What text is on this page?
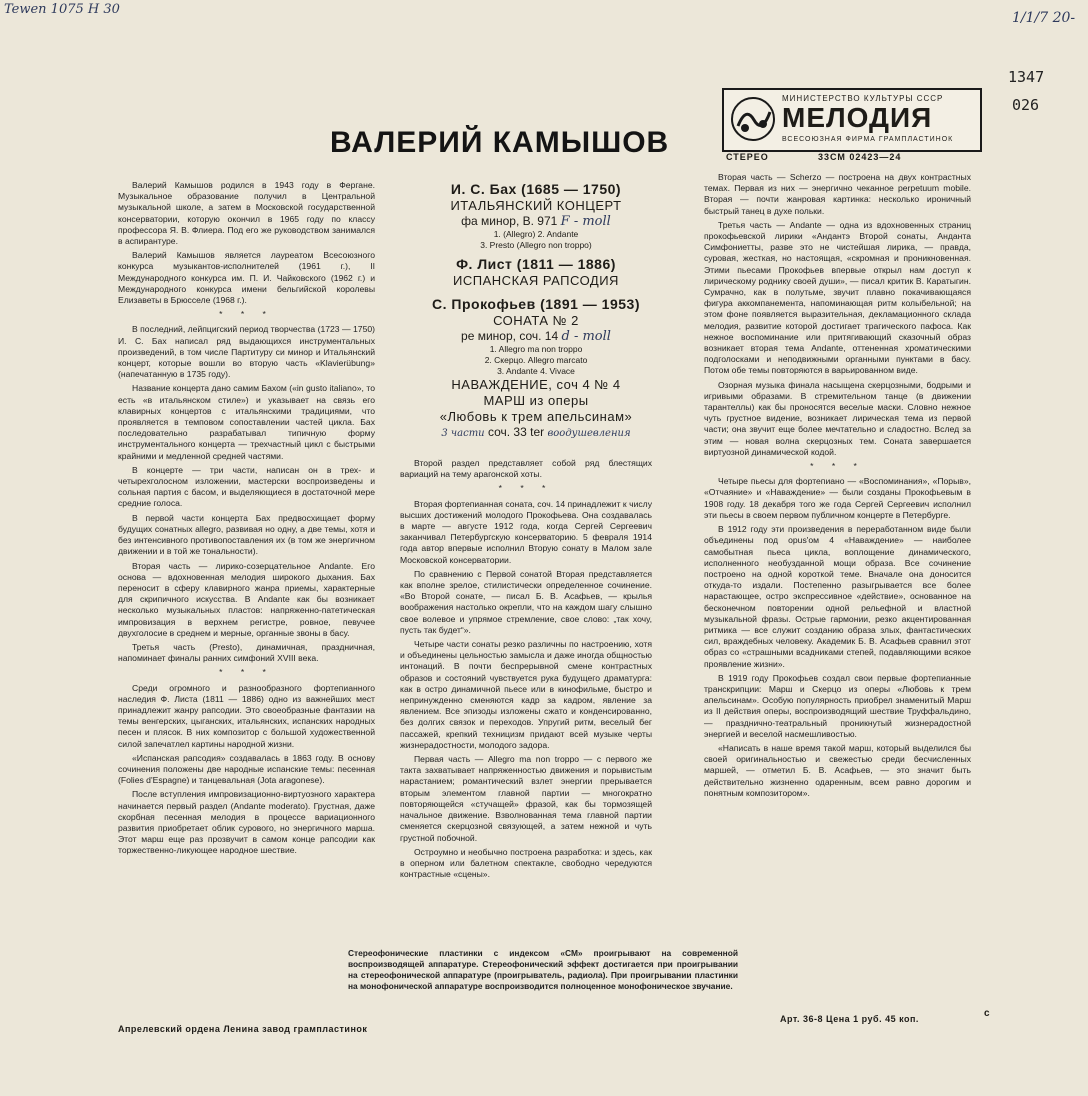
Tewen 1075 Н 30
1/1/7 20-
1347
026
ВАЛЕРИЙ КАМЫШОВ
МИНИСТЕРСТВО КУЛЬТУРЫ СССР
МЕЛОДИЯ
ВСЕСОЮЗНАЯ ФИРМА ГРАМПЛАСТИНОК
СТЕРЕО	33СМ 02423—24
И. С. Бах (1685 — 1750)
ИТАЛЬЯНСКИЙ КОНЦЕРТ
фа минор, B. 971 F - moll
1. (Allegro) 2. Andante
3. Presto (Allegro non troppo)
Ф. Лист (1811 — 1886)
ИСПАНСКАЯ РАПСОДИЯ
С. Прокофьев (1891 — 1953)
СОНАТА № 2
ре минор, соч. 14 d - moll
1. Allegro ma non troppo
2. Скерцо. Allegro marcato
3. Andante 4. Vivace
НАВАЖДЕНИЕ, соч 4 № 4
МАРШ из оперы
«Любовь к трем апельсинам»
3 части соч. 33 ter воодушевления

Валерий Камышов родился в 1943 году в Фергане. Музыкальное образование получил в Центральной музыкальной школе, а затем в Московской государственной консерватории, которую окончил в 1965 году по классу профессора Я. В. Флиера. Под его же руководством занимался в аспирантуре.

Валерий Камышов является лауреатом Всесоюзного конкурса музыкантов-исполнителей (1961 г.), II Международного конкурса им. П. И. Чайковского (1962 г.) и Международного конкурса имени бельгийской королевы Елизаветы в Брюсселе (1968 г.).

* * *

В последний, лейпцигский период творчества (1723 — 1750) И. С. Бах написал ряд выдающихся инструментальных произведений, в том числе Партитуру си минор и Итальянский концерт, которые вошли во вторую часть «Klavierübung» (напечатанную в 1735 году).

Название концерта дано самим Бахом («in gusto italiano», то есть «в итальянском стиле») и указывает на связь его клавирных концертов с итальянскими традициями, что проявляется в темповом сопоставлении частей цикла. Бах последовательно разрабатывал типичную форму инструментального концерта — трехчастный цикл с быстрыми крайними и медленной средней частями.

В концерте — три части, написан он в трех- и четырехголосном изложении, мастерски воспроизведены и сольная партия с басом, и выделяющиеся в достаточной мере средние голоса.

В первой части концерта Бах предвосхищает форму будущих сонатных allegro, развивая но одну, а две темы, хотя и без интенсивного противопоставления их (в том же энергичном движении и в той же тональности).

Вторая часть — лирико-созерцательное Andante. Его основа — вдохновенная мелодия широкого дыхания. Бах переносит в сферу клавирного жанра приемы, характерные для скрипичного искусства. В Andante как бы возникает несколько музыкальных пластов: напряженно-патетическая импровизация в верхнем регистре, ровное, певучее двухголосие в среднем и мерные, органные звоны в басу.

Третья часть (Presto), динамичная, праздничная, напоминает финалы ранних симфоний XVIII века.

* * *

Среди огромного и разнообразного фортепианного наследия Ф. Листа (1811 — 1886) одно из важнейших мест принадлежит жанру рапсодии. Это своеобразные фантазии на темы венгерских, цыганских, итальянских, испанских народных песен и плясок. В них композитор с большой художественной силой запечатлел картины народной жизни.

«Испанская рапсодия» создавалась в 1863 году. В основу сочинения положены две народные испанские темы: песенная (Folies d'Espagne) и танцевальная (Jota aragonese).

После вступления импровизационно-виртуозного характера начинается первый раздел (Andante moderato). Грустная, даже скорбная песенная мелодия в процессе вариационного развития приобретает облик сурового, но энергичного марша. Этот марш еще раз прозвучит в самом конце рапсодии как торжественно-ликующее народное шествие.

Второй раздел представляет собой ряд блестящих вариаций на тему арагонской хоты.

* * *

Вторая фортепианная соната, соч. 14 принадлежит к числу высших достижений молодого Прокофьева. Она создавалась в марте — августе 1912 года, когда Сергей Сергеевич заканчивал Петербургскую консерваторию. 5 февраля 1914 года автор впервые исполнил Вторую сонату в Малом зале Московской консерватории.

По сравнению с Первой сонатой Вторая представляется как вполне зрелое, стилистически определенное сочинение. «Во Второй сонате, — писал Б. В. Асафьев, — крылья воображения настолько окрепли, что на каждом шагу слышно свое волевое и упрямое стремление, свое слово: „так хочу, пусть так будет“».

Четыре части сонаты резко различны по настроению, хотя и объединены цельностью замысла и даже иногда общностью интонаций. В почти беспрерывной смене контрастных образов и состояний чувствуется рука будущего драматурга: как в остро динамичной пьесе или в кинофильме, быстро и непринужденно сменяются кадр за кадром, явление за явлением. Все эпизоды изложены сжато и конденсированно, без долгих связок и переходов. Упругий ритм, веселый бег пассажей, крепкий техницизм придают всей музыке черты жизнерадостности, молодого задора.

Первая часть — Allegro ma non troppo — с первого же такта захватывает напряженностью движения и порывистым нарастанием; романтический взлет энергии прерывается вторым элементом главной партии — многократно повторяющейся «стучащей» фразой, как бы тормозящей начальное движение. Взволнованная тема главной партии сменяется скерцозной связующей, а затем нежной и чуть грустной побочной.

Остроумно и необычно построена разработка: и здесь, как в оперном или балетном спектакле, свободно чередуются контрастные «сцены».

Вторая часть — Scherzo — построена на двух контрастных темах. Первая из них — энергично чеканное perpetuum mobile. Вторая — почти жанровая картинка: несколько ироничный быстрый танец в духе польки.

Третья часть — Andante — одна из вдохновенных страниц прокофьевской лирики «Андантэ Второй сонаты, Анданта Симфониетты, разве это не чистейшая лирика, — правда, суровая, жесткая, но настоящая, «скромная и проникновенная. Этими пьесами Прокофьев впервые открыл нам доступ к лирическому роднику своей души», — писал критик В. Каратыгин. Сумрачно, как в полутьме, звучит плавно покачивающаяся фигура аккомпанемента, напоминающая ритм колыбельной; на этом фоне появляется выразительная, декламационного склада мелодия, развитие которой достигает трагического пафоса. Как нежное воспоминание или притягивающий сказочный образ возникает вторая тема Andante, оттененная хроматическими подголосками и неподвижными органными пунктами в басу. Потом обе темы повторяются в варьированном виде.

Озорная музыка финала насыщена скерцозными, бодрыми и игривыми образами. В стремительном танце (в движении тарантеллы) как бы проносятся веселые маски. Словно нежное чуть грустное видение, возникает лирическая тема из первой части; она звучит еще более мечтательно и сладостно. Вслед за этим — новая волна скерцозных тем. Соната завершается виртуозной динамической кодой.

* * *

Четыре пьесы для фортепиано — «Воспоминания», «Порыв», «Отчаяние» и «Наваждение» — были созданы Прокофьевым в 1908 году. 18 декабря того же года Сергей Сергеевич исполнил эти пьесы в своем первом публичном концерте в Петербурге.

В 1912 году эти произведения в переработанном виде были объединены под opus'ом 4 «Наваждение» — наиболее самобытная пьеса цикла, воплощение динамического, исполненного необузданной мощи образа. Все сочинение построено на одной короткой теме. Вначале она доносится откуда-то издали. Постепенно разыгрывается все более нарастающее, остро экспрессивное «действие», основанное на бесконечном повторении одной рельефной и властной музыкальной фразы. Острые гармонии, резко акцентированная ритмика — все служит созданию образа злых, фантастических сил, враждебных человеку. Академик Б. В. Асафьев сравнил этот образ со «страшными всадниками степей, подавляющими всякое проявление жизни».

В 1919 году Прокофьев создал свои первые фортепианные транскрипции: Марш и Скерцо из оперы «Любовь к трем апельсинам». Особую популярность приобрел знаменитый Марш из II действия оперы, воспроизводящий шествие Труффальдино, — празднично-театральный проникнутый жизнерадостной энергией и веселой насмешливостью.

«Написать в наше время такой марш, который выделился бы своей оригинальностью и свежестью среди бесчисленных маршей, — отметил Б. В. Асафьев, — это значит быть действительно жизненно одаренным, всем равно дорогим и понятным композитором».

Стереофонические пластинки с индексом «СМ» проигрывают на современной воспроизводящей аппаратуре. Стереофонический эффект достигается при проигрывании на стереофонической аппаратуре (проигрыватель, радиола). При проигрывании пластинки на монофонической аппаратуре воспроизводится полноценное монофоническое звучание.
Апрелевский ордена Ленина завод грампластинок
Арт. 36-8 Цена 1 руб. 45 коп.	с
